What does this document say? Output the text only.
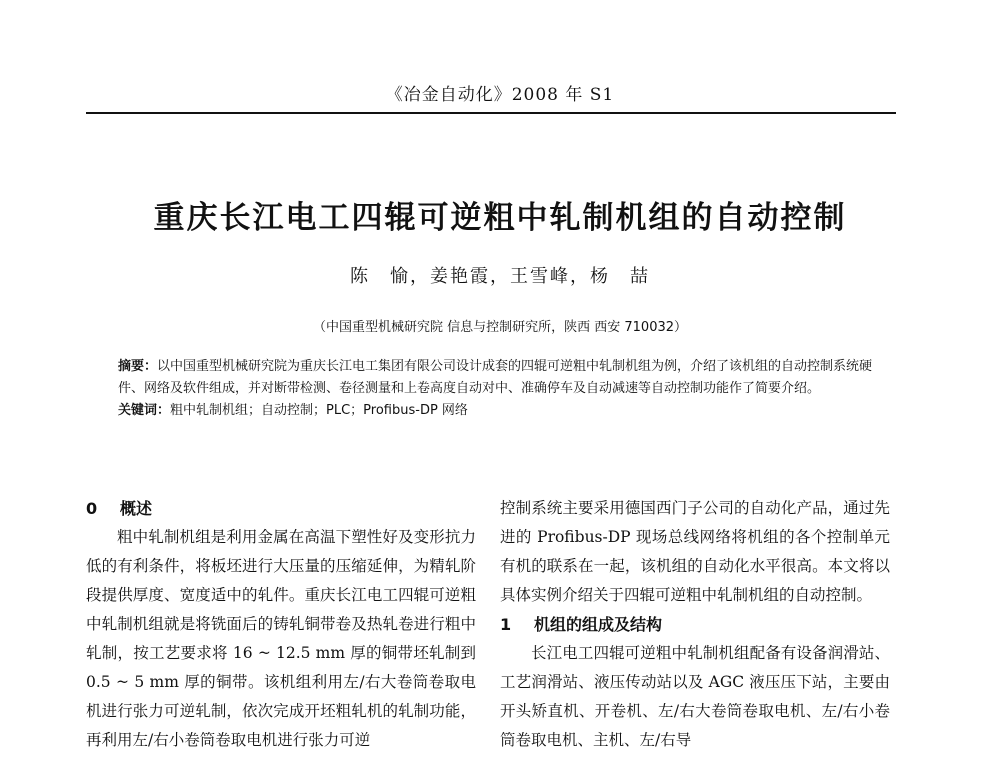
《冶金自动化》2008 年 S1
重庆长江电工四辊可逆粗中轧制机组的自动控制
陈　愉，姜艳霞，王雪峰，杨　喆
（中国重型机械研究院 信息与控制研究所，陕西 西安 710032）

摘要：以中国重型机械研究院为重庆长江电工集团有限公司设计成套的四辊可逆粗中轧制机组为例，介绍了该机组的自动控制系统硬件、网络及软件组成，并对断带检测、卷径测量和上卷高度自动对中、准确停车及自动减速等自动控制功能作了简要介绍。

关键词：粗中轧制机组；自动控制；PLC；Profibus-DP 网络

0 概述

粗中轧制机组是利用金属在高温下塑性好及变形抗力低的有利条件，将板坯进行大压量的压缩延伸，为精轧阶段提供厚度、宽度适中的轧件。重庆长江电工四辊可逆粗中轧制机组就是将铣面后的铸轧铜带卷及热轧卷进行粗中轧制，按工艺要求将 16 ~ 12.5 mm 厚的铜带坯轧制到 0.5 ~ 5 mm 厚的铜带。该机组利用左/右大卷筒卷取电机进行张力可逆轧制，依次完成开坯粗轧机的轧制功能，再利用左/右小卷筒卷取电机进行张力可逆

控制系统主要采用德国西门子公司的自动化产品，通过先进的 Profibus-DP 现场总线网络将机组的各个控制单元有机的联系在一起，该机组的自动化水平很高。本文将以具体实例介绍关于四辊可逆粗中轧制机组的自动控制。

1 机组的组成及结构

长江电工四辊可逆粗中轧制机组配备有设备润滑站、工艺润滑站、液压传动站以及 AGC 液压压下站，主要由开头矫直机、开卷机、左/右大卷筒卷取电机、左/右小卷筒卷取电机、主机、左/右导
